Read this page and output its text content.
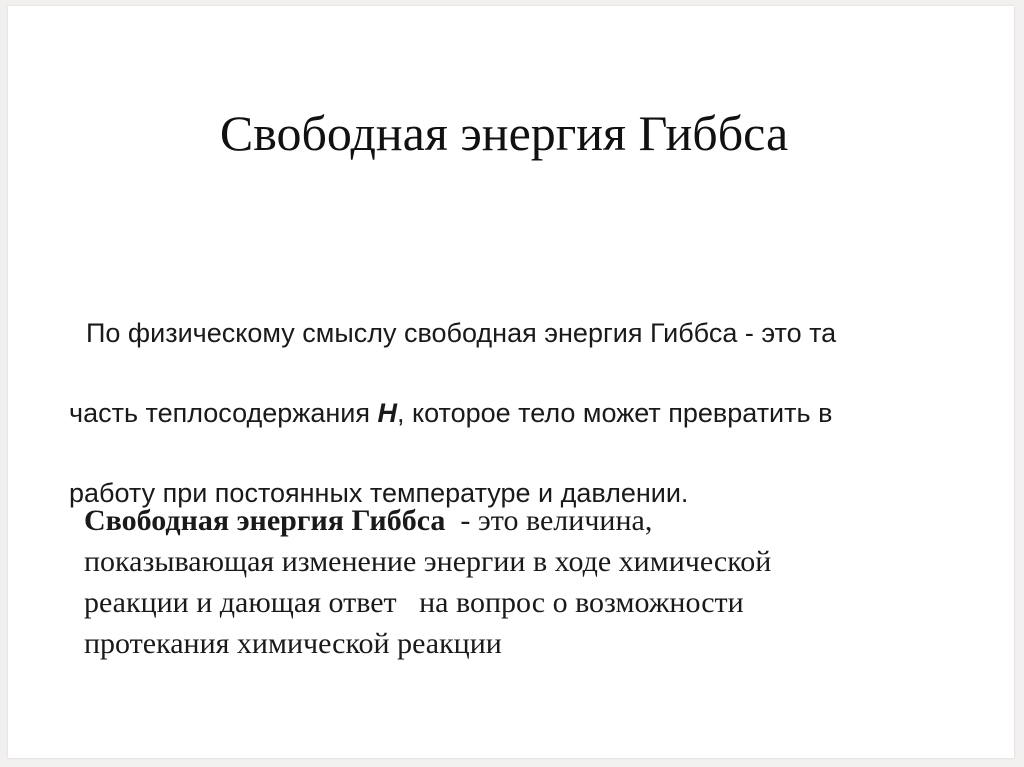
Свободная энергия Гиббса

По физическому смыслу свободная энергия Гиббса - это та

часть теплосодержания H, которое тело может превратить в

работу при постоянных температуре и давлении.

Свободная энергия Гиббса  - это величина,
показывающая изменение энергии в ходе химической
реакции и дающая ответ   на вопрос о возможности
протекания химической реакции
